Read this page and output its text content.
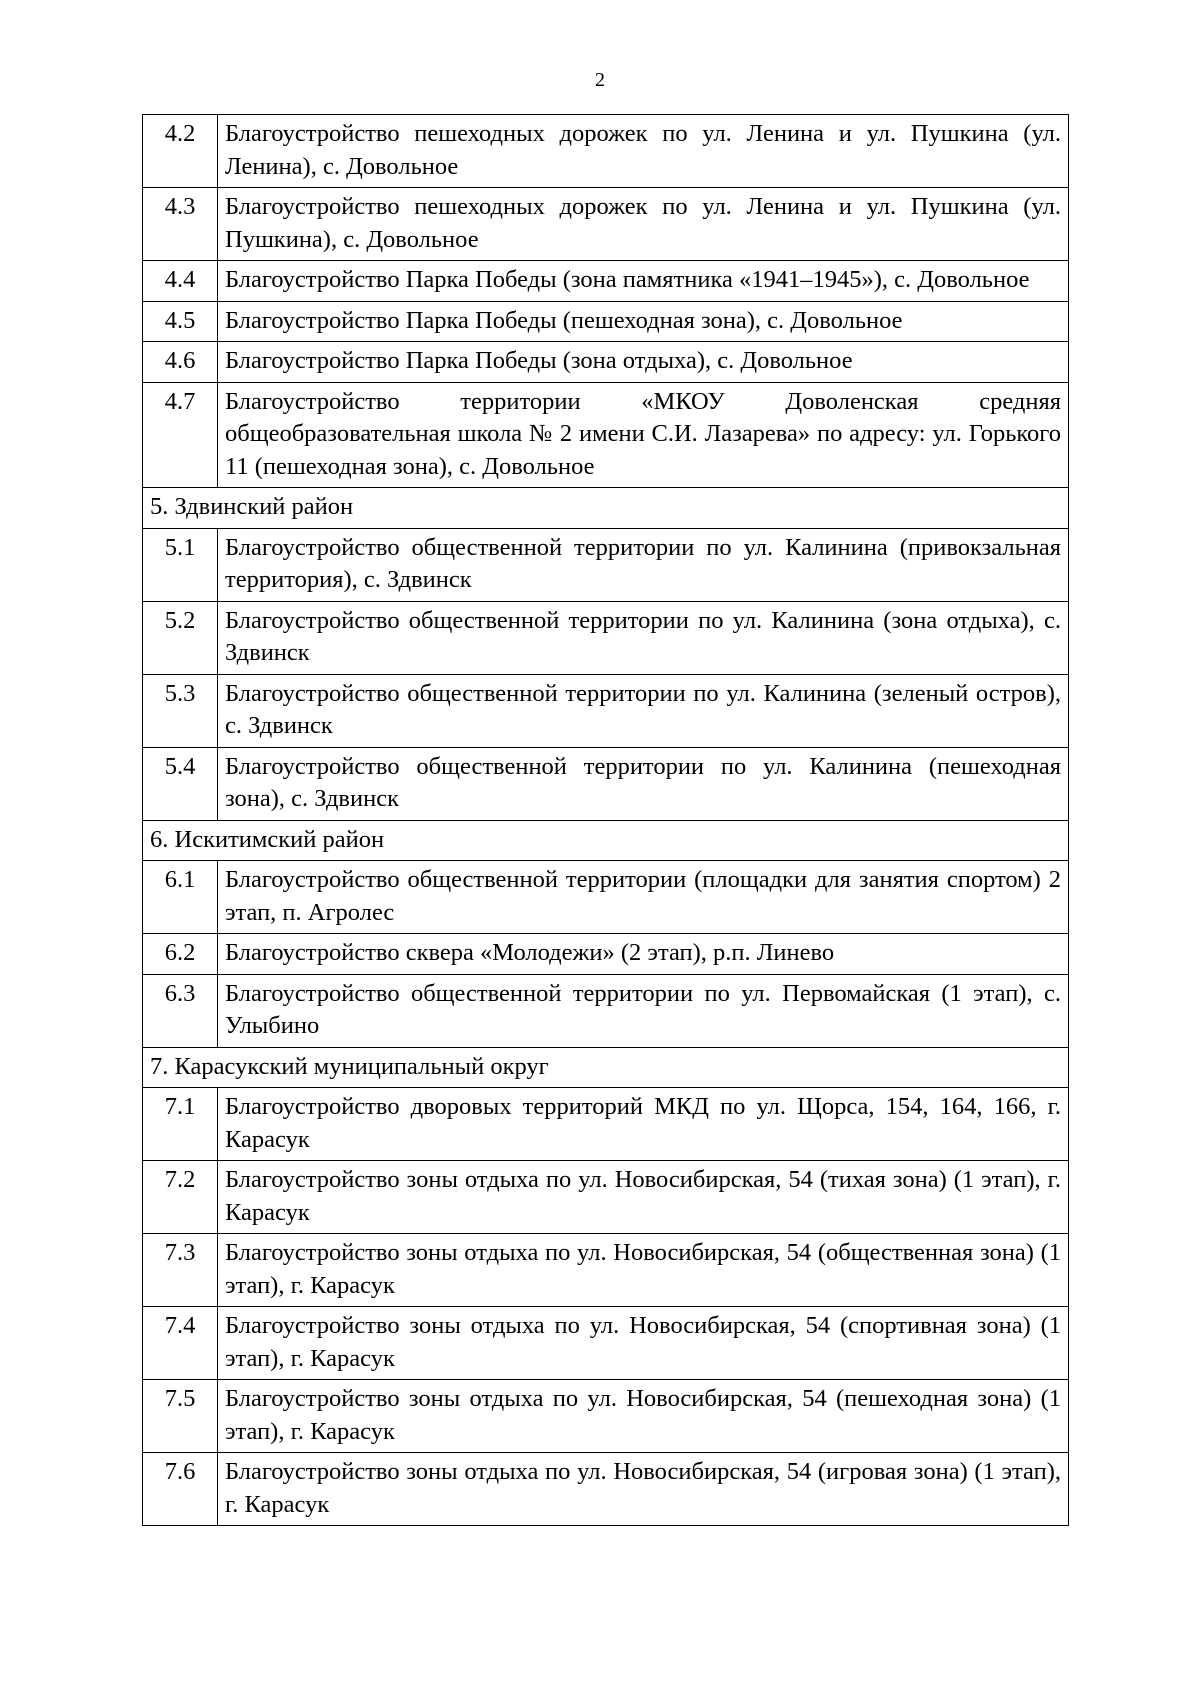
2
4.2	Благоустройство пешеходных дорожек по ул. Ленина и ул. Пушкина (ул. Ленина), с. Довольное
4.3	Благоустройство пешеходных дорожек по ул. Ленина и ул. Пушкина (ул. Пушкина), с. Довольное
4.4	Благоустройство Парка Победы (зона памятника «1941–1945»), с. Довольное
4.5	Благоустройство Парка Победы (пешеходная зона), с. Довольное
4.6	Благоустройство Парка Победы (зона отдыха), с. Довольное
4.7	Благоустройство территории «МКОУ Доволенская средняя общеобразовательная школа № 2 имени С.И. Лазарева» по адресу: ул. Горького 11 (пешеходная зона), с. Довольное
5. Здвинский район	
5.1	Благоустройство общественной территории по ул. Калинина (привокзальная территория), с. Здвинск
5.2	Благоустройство общественной территории по ул. Калинина (зона отдыха), с. Здвинск
5.3	Благоустройство общественной территории по ул. Калинина (зеленый остров), с. Здвинск
5.4	Благоустройство общественной территории по ул. Калинина (пешеходная зона), с. Здвинск
6. Искитимский район	
6.1	Благоустройство общественной территории (площадки для занятия спортом) 2 этап, п. Агролес
6.2	Благоустройство сквера «Молодежи» (2 этап), р.п. Линево
6.3	Благоустройство общественной территории по ул. Первомайская (1 этап), с. Улыбино
7. Карасукский муниципальный округ	
7.1	Благоустройство дворовых территорий МКД по ул. Щорса, 154, 164, 166, г. Карасук
7.2	Благоустройство зоны отдыха по ул. Новосибирская, 54 (тихая зона) (1 этап), г. Карасук
7.3	Благоустройство зоны отдыха по ул. Новосибирская, 54 (общественная зона) (1 этап), г. Карасук
7.4	Благоустройство зоны отдыха по ул. Новосибирская, 54 (спортивная зона) (1 этап), г. Карасук
7.5	Благоустройство зоны отдыха по ул. Новосибирская, 54 (пешеходная зона) (1 этап), г. Карасук
7.6	Благоустройство зоны отдыха по ул. Новосибирская, 54 (игровая зона) (1 этап), г. Карасук
